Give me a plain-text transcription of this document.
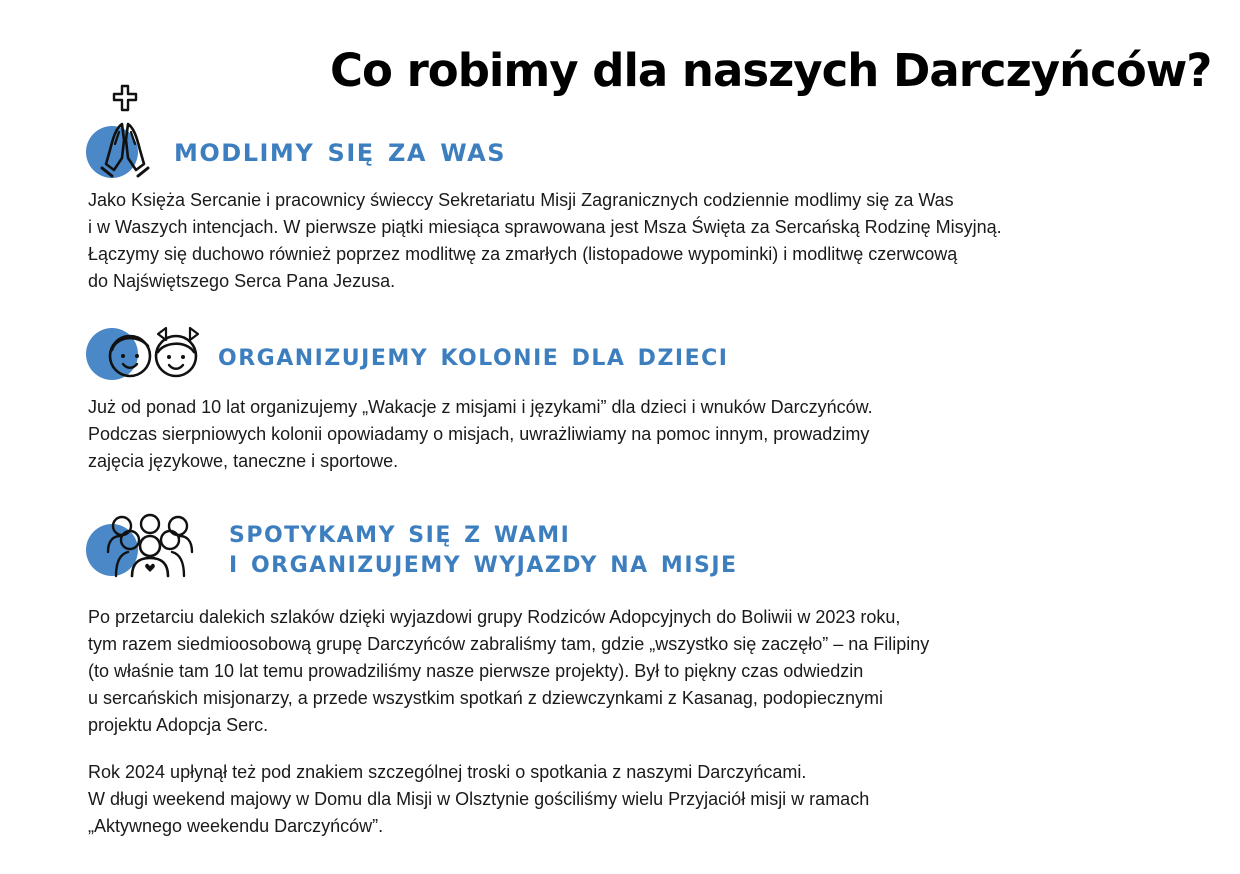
Co robimy dla naszych Darczyńców?
modlimy się za was
Jako Księża Sercanie i pracownicy świeccy Sekretariatu Misji Zagranicznych codziennie modlimy się za Was
i w Waszych intencjach. W pierwsze piątki miesiąca sprawowana jest Msza Święta za Sercańską Rodzinę Misyjną.
Łączymy się duchowo również poprzez modlitwę za zmarłych (listopadowe wypominki) i modlitwę czerwcową
do Najświętszego Serca Pana Jezusa.
organizujemy kolonie dla dzieci
Już od ponad 10 lat organizujemy „Wakacje z misjami i językami” dla dzieci i wnuków Darczyńców.
Podczas sierpniowych kolonii opowiadamy o misjach, uwrażliwiamy na pomoc innym, prowadzimy
zajęcia językowe, taneczne i sportowe.
spotykamy się z wami
i organizujemy wyjazdy na misje
Po przetarciu dalekich szlaków dzięki wyjazdowi grupy Rodziców Adopcyjnych do Boliwii w 2023 roku,
tym razem siedmioosobową grupę Darczyńców zabraliśmy tam, gdzie „wszystko się zaczęło” – na Filipiny
(to właśnie tam 10 lat temu prowadziliśmy nasze pierwsze projekty). Był to piękny czas odwiedzin
u sercańskich misjonarzy, a przede wszystkim spotkań z dziewczynkami z Kasanag, podopiecznymi
projektu Adopcja Serc.
Rok 2024 upłynął też pod znakiem szczególnej troski o spotkania z naszymi Darczyńcami.
W długi weekend majowy w Domu dla Misji w Olsztynie gościliśmy wielu Przyjaciół misji w ramach
„Aktywnego weekendu Darczyńców”.
